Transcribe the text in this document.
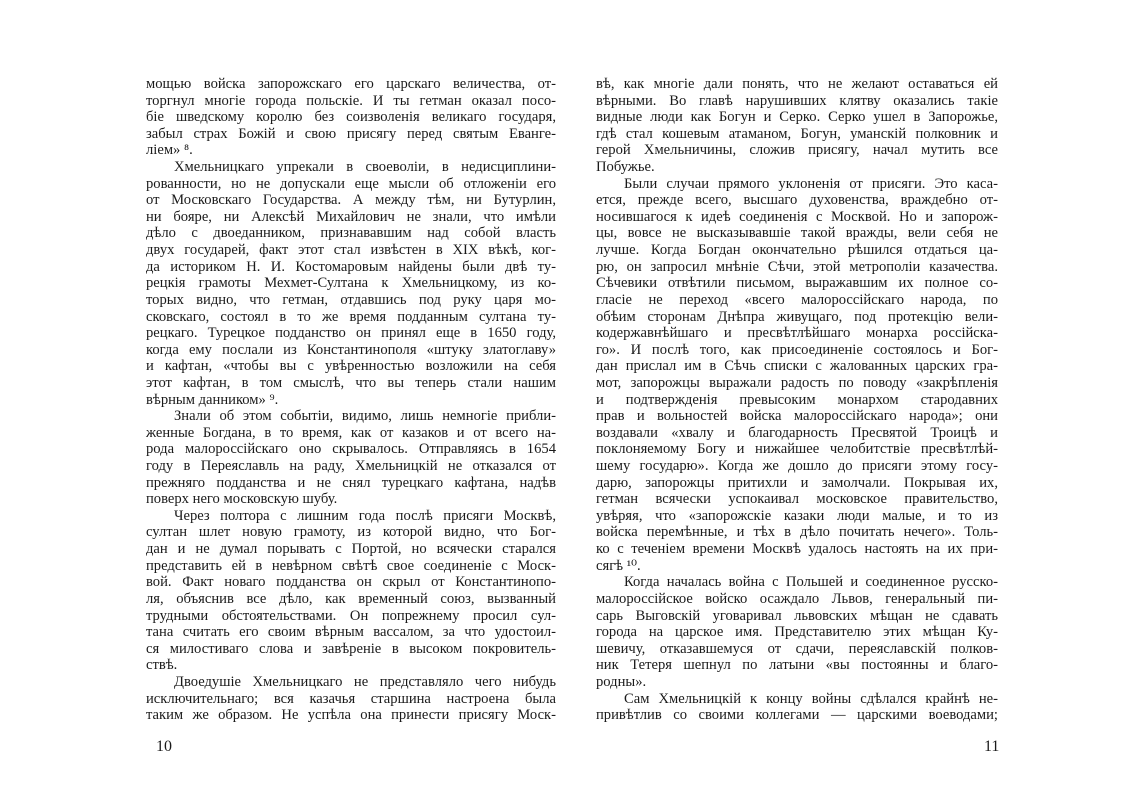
мощью войска запорожскаго его царскаго величества, от-
торгнул многiе города польскiе. И ты гетман оказал посо-
бiе шведскому королю без соизволенiя великаго государя,
забыл страх Божiй и свою присягу перед святым Еванге-
лiем» ⁸.
Хмельницкаго упрекали в своеволiи, в недисциплини-
рованности, но не допускали еще мысли об отложенiи его
от Московскаго Государства. А между тѣм, ни Бутурлин,
ни бояре, ни Алексѣй Михайлович не знали, что имѣли
дѣло с двоеданником, признававшим над собой власть
двух государей, факт этот стал извѣстен в XIX вѣкѣ, ког-
да историком Н. И. Костомаровым найдены были двѣ ту-
рецкiя грамоты Мехмет-Султана к Хмельницкому, из ко-
торых видно, что гетман, отдавшись под руку царя мо-
сковскаго, состоял в то же время подданным султана ту-
рецкаго. Турецкое подданство он принял еще в 1650 году,
когда ему послали из Константинополя «штуку златоглаву»
и кафтан, «чтобы вы с увѣренностью возложили на себя
этот кафтан, в том смыслѣ, что вы теперь стали нашим
вѣрным данником» ⁹.
Знали об этом событiи, видимо, лишь немногiе прибли-
женные Богдана, в то время, как от казаков и от всего на-
рода малороссiйскаго оно скрывалось. Отправляясь в 1654
году в Переяславль на раду, Хмельницкiй не отказался от
прежняго подданства и не снял турецкаго кафтана, надѣв
поверх него московскую шубу.
Через полтора с лишним года послѣ присяги Москвѣ,
султан шлет новую грамоту, из которой видно, что Бог-
дан и не думал порывать с Портой, но всячески старался
представить ей в невѣрном свѣтѣ свое соединенiе с Моск-
вой. Факт новаго подданства он скрыл от Константинопо-
ля, объяснив все дѣло, как временный союз, вызванный
трудными обстоятельствами. Он попрежнему просил сул-
тана считать его своим вѣрным вассалом, за что удостоил-
ся милостиваго слова и завѣренiе в высоком покровитель-
ствѣ.
Двоедушiе Хмельницкаго не представляло чего нибудь
исключительнаго; вся казачья старшина настроена была
таким же образом. Не успѣла она принести присягу Моск-
10
вѣ, как многiе дали понять, что не желают оставаться ей
вѣрными. Во главѣ нарушивших клятву оказались такiе
видные люди как Богун и Серко. Серко ушел в Запорожье,
гдѣ стал кошевым атаманом, Богун, уманскiй полковник и
герой Хмельничины, сложив присягу, начал мутить все
Побужье.
Были случаи прямого уклоненiя от присяги. Это каса-
ется, прежде всего, высшаго духовенства, враждебно от-
носившагося к идеѣ соединенiя с Москвой. Но и запорож-
цы, вовсе не высказывавшiе такой вражды, вели себя не
лучше. Когда Богдан окончательно рѣшился отдаться ца-
рю, он запросил мнѣнiе Сѣчи, этой метрополiи казачества.
Сѣчевики отвѣтили письмом, выражавшим их полное со-
гласiе не переход «всего малороссiйскаго народа, по
обѣим сторонам Днѣпра живущаго, под протекцiю вели-
кодержавнѣйшаго и пресвѣтлѣйшаго монарха россiйска-
го». И послѣ того, как присоединенiе состоялось и Бог-
дан прислал им в Сѣчь списки с жалованных царских гра-
мот, запорожцы выражали радость по поводу «закрѣпленiя
и подтвержденiя превысоким монархом стародавних
прав и вольностей войска малороссiйскаго народа»; они
воздавали «хвалу и благодарность Пресвятой Троицѣ и
поклоняемому Богу и нижайшее челобитствiе пресвѣтлѣй-
шему государю». Когда же дошло до присяги этому госу-
дарю, запорожцы притихли и замолчали. Покрывая их,
гетман всячески успокаивал московское правительство,
увѣряя, что «запорожскiе казаки люди малые, и то из
войска перемѣнные, и тѣх в дѣло почитать нечего». Толь-
ко с теченiем времени Москвѣ удалось настоять на их при-
сягѣ ¹⁰.
Когда началась война с Польшей и соединенное русско-
малороссiйское войско осаждало Львов, генеральный пи-
сарь Выговскiй уговаривал львовских мѣщан не сдавать
города на царское имя. Представителю этих мѣщан Ку-
шевичу, отказавшемуся от сдачи, переяславскiй полков-
ник Тетеря шепнул по латыни «вы постоянны и благо-
родны».
Сам Хмельницкiй к концу войны сдѣлался крайнѣ не-
привѣтлив со своими коллегами — царскими воеводами;
11
